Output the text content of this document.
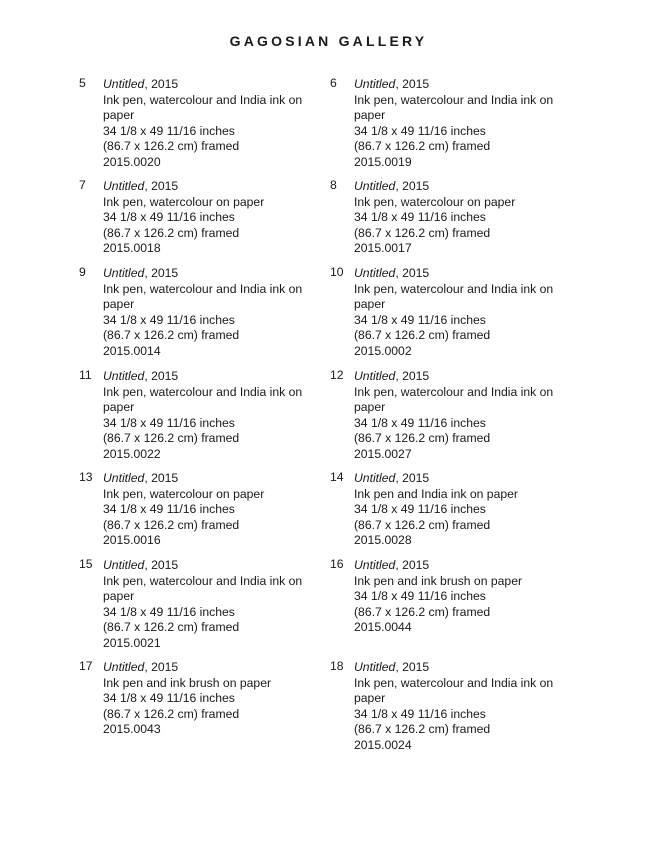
GAGOSIAN GALLERY
5	Untitled, 2015
Ink pen, watercolour and India ink on
paper
34 1/8 x 49 11/16 inches
(86.7 x 126.2 cm) framed
2015.0020
7	Untitled, 2015
Ink pen, watercolour on paper
34 1/8 x 49 11/16 inches
(86.7 x 126.2 cm) framed
2015.0018
9	Untitled, 2015
Ink pen, watercolour and India ink on
paper
34 1/8 x 49 11/16 inches
(86.7 x 126.2 cm) framed
2015.0014
11 Untitled, 2015
Ink pen, watercolour and India ink on
paper
34 1/8 x 49 11/16 inches
(86.7 x 126.2 cm) framed
2015.0022
13 Untitled, 2015
Ink pen, watercolour on paper
34 1/8 x 49 11/16 inches
(86.7 x 126.2 cm) framed
2015.0016
15 Untitled, 2015
Ink pen, watercolour and India ink on
paper
34 1/8 x 49 11/16 inches
(86.7 x 126.2 cm) framed
2015.0021
17 Untitled, 2015
Ink pen and ink brush on paper
34 1/8 x 49 11/16 inches
(86.7 x 126.2 cm) framed
2015.0043
6	Untitled, 2015
Ink pen, watercolour and India ink on
paper
34 1/8 x 49 11/16 inches
(86.7 x 126.2 cm) framed
2015.0019
8	Untitled, 2015
Ink pen, watercolour on paper
34 1/8 x 49 11/16 inches
(86.7 x 126.2 cm) framed
2015.0017
10 Untitled, 2015
Ink pen, watercolour and India ink on
paper
34 1/8 x 49 11/16 inches
(86.7 x 126.2 cm) framed
2015.0002
12 Untitled, 2015
Ink pen, watercolour and India ink on
paper
34 1/8 x 49 11/16 inches
(86.7 x 126.2 cm) framed
2015.0027
14 Untitled, 2015
Ink pen and India ink on paper
34 1/8 x 49 11/16 inches
(86.7 x 126.2 cm) framed
2015.0028
16 Untitled, 2015
Ink pen and ink brush on paper
34 1/8 x 49 11/16 inches
(86.7 x 126.2 cm) framed
2015.0044
18 Untitled, 2015
Ink pen, watercolour and India ink on
paper
34 1/8 x 49 11/16 inches
(86.7 x 126.2 cm) framed
2015.0024
